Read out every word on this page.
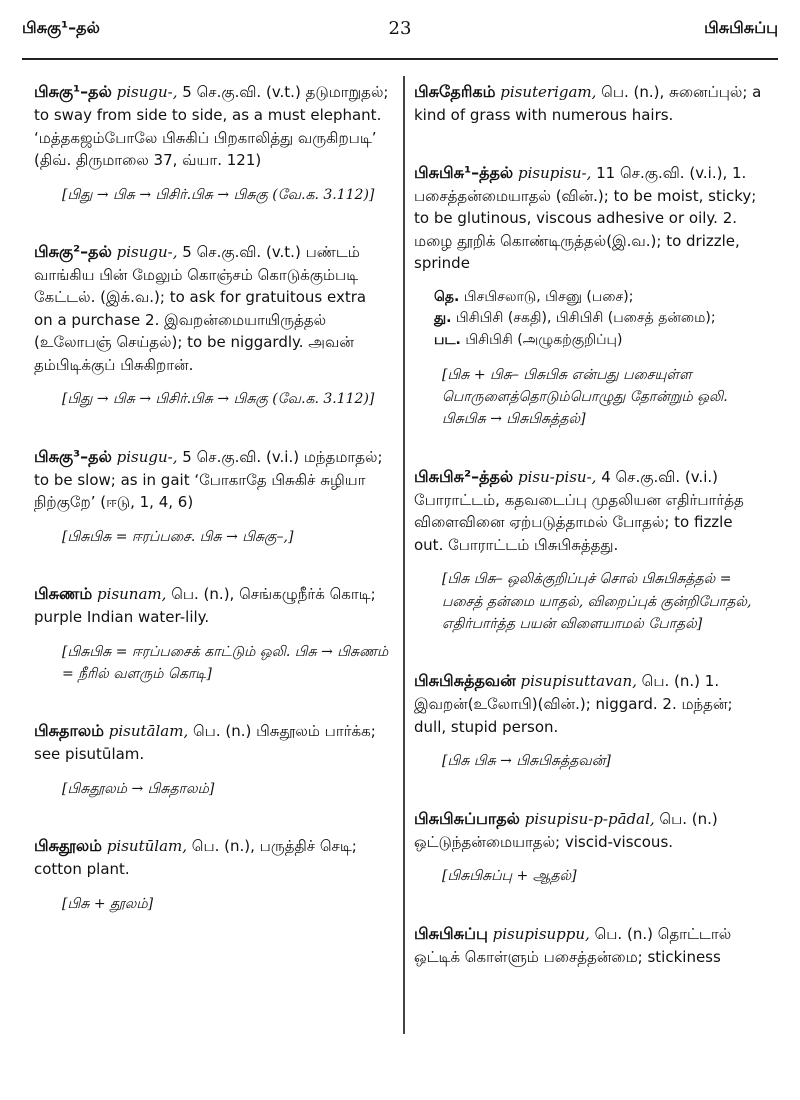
பிசுகு¹–தல்	23	பிசுபிசுப்பு
பிசுகு¹–தல் pisugu-, 5 செ.கு.வி. (v.t.) தடுமாறுதல்; to sway from side to side, as a must elephant. ‘மத்தகஜம்போலே பிசுகிப் பிறகாலித்து வருகிறபடி’ (திவ். திருமாலை 37, வ்யா. 121)
[பிது → பிசு → பிசிர்.பிசு → பிசுகு (வே.க. 3.112)]
பிசுகு²–தல் pisugu-, 5 செ.கு.வி. (v.t.) பண்டம் வாங்கிய பின் மேலும் கொஞ்சம் கொடுக்கும்படி கேட்டல். (இக்.வ.); to ask for gratuitous extra on a purchase 2. இவறன்மையாயிருத்தல் (உலோபஞ் செய்தல்); to be niggardly. அவன் தம்பிடிக்குப் பிசுகிறான்.
[பிது → பிசு → பிசிர்.பிசு → பிசுகு (வே.க. 3.112)]
பிசுகு³–தல் pisugu-, 5 செ.கு.வி. (v.i.) மந்தமாதல்; to be slow; as in gait ‘போகாதே பிசுகிச் சுழியா நிற்குறே’ (ஈடு, 1, 4, 6)
[பிசுபிசு = ஈரப்பசை. பிசு → பிசுகு–,]
பிசுணம் pisunam, பெ. (n.), செங்கழுநீர்க் கொடி; purple Indian water-lily.
[பிசுபிசு = ஈரப்பசைக் காட்டும் ஒலி. பிசு → பிசுணம் = நீரில் வளரும் கொடி]
பிசுதாலம் pisutālam, பெ. (n.) பிசுதூலம் பார்க்க; see pisutūlam.
[பிசுதூலம் → பிசுதாலம்]
பிசுதூலம் pisutūlam, பெ. (n.), பருத்திச் செடி; cotton plant.
[பிசு + தூலம்]
பிசுதேரிகம் pisuterigam, பெ. (n.), சுனைப்புல்; a kind of grass with numerous hairs.
பிசுபிசு¹–த்தல் pisupisu-, 11 செ.கு.வி. (v.i.), 1. பசைத்தன்மையாதல் (வின்.); to be moist, sticky; to be glutinous, viscous adhesive or oily. 2. மழை தூறிக் கொண்டிருத்தல்(இ.வ.); to drizzle, sprinde
தெ. பிசபிசலாடு, பிசனு (பசை);
து. பிசிபிசி (சகதி), பிசிபிசி (பசைத் தன்மை);
பட. பிசிபிசி (அழுகற்குறிப்பு)
[பிசு + பிசு– பிசுபிசு என்பது பசையுள்ள பொருளைத்தொடும்பொழுது தோன்றும் ஒலி. பிசுபிசு → பிசுபிசுத்தல்]
பிசுபிசு²–த்தல் pisu-pisu-, 4 செ.கு.வி. (v.i.) போராட்டம், கதவடைப்பு முதலியன எதிர்பார்த்த விளைவினை ஏற்படுத்தாமல் போதல்; to fizzle out. போராட்டம் பிசுபிசுத்தது.
[பிசு பிசு– ஒலிக்குறிப்புச் சொல் பிசுபிசுத்தல் = பசைத் தன்மை யாதல், விறைப்புக் குன்றிபோதல், எதிர்பார்த்த பயன் விளையாமல் போதல்]
பிசுபிசுத்தவன் pisupisuttavan, பெ. (n.) 1. இவறன்(உலோபி)(வின்.); niggard. 2. மந்தன்; dull, stupid person.
[பிசு பிசு → பிசுபிசுத்தவன்]
பிசுபிசுப்பாதல் pisupisu-p-pādal, பெ. (n.) ஒட்டுந்தன்மையாதல்; viscid-viscous.
[பிசுபிசுப்பு + ஆதல்]
பிசுபிசுப்பு pisupisuppu, பெ. (n.) தொட்டால் ஒட்டிக் கொள்ளும் பசைத்தன்மை; stickiness
